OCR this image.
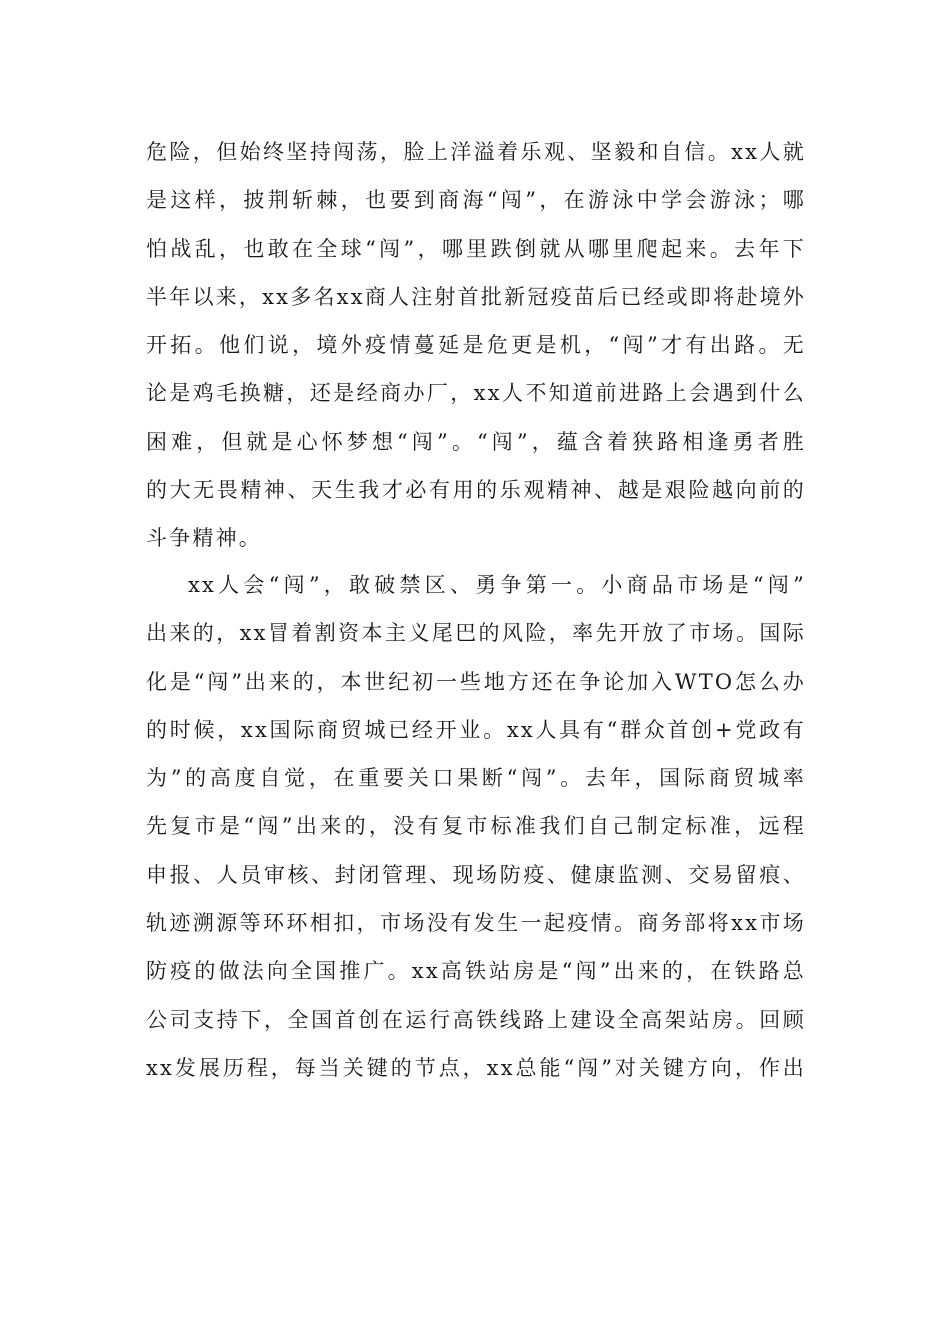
危险，但始终坚持闯荡，脸上洋溢着乐观、坚毅和自信。xx人就
是这样，披荆斩棘，也要到商海“闯”，在游泳中学会游泳；哪
怕战乱，也敢在全球“闯”，哪里跌倒就从哪里爬起来。去年下
半年以来，xx多名xx商人注射首批新冠疫苗后已经或即将赴境外
开拓。他们说，境外疫情蔓延是危更是机，“闯”才有出路。无
论是鸡毛换糖，还是经商办厂，xx人不知道前进路上会遇到什么
困难，但就是心怀梦想“闯”。“闯”，蕴含着狭路相逢勇者胜
的大无畏精神、天生我才必有用的乐观精神、越是艰险越向前的
斗争精神。
xx人会“闯”，敢破禁区、勇争第一。小商品市场是“闯”
出来的，xx冒着割资本主义尾巴的风险，率先开放了市场。国际
化是“闯”出来的，本世纪初一些地方还在争论加入WTO怎么办
的时候，xx国际商贸城已经开业。xx人具有“群众首创+党政有
为”的高度自觉，在重要关口果断“闯”。去年，国际商贸城率
先复市是“闯”出来的，没有复市标准我们自己制定标准，远程
申报、人员审核、封闭管理、现场防疫、健康监测、交易留痕、
轨迹溯源等环环相扣，市场没有发生一起疫情。商务部将xx市场
防疫的做法向全国推广。xx高铁站房是“闯”出来的，在铁路总
公司支持下，全国首创在运行高铁线路上建设全高架站房。回顾
xx发展历程，每当关键的节点，xx总能“闯”对关键方向，作出
